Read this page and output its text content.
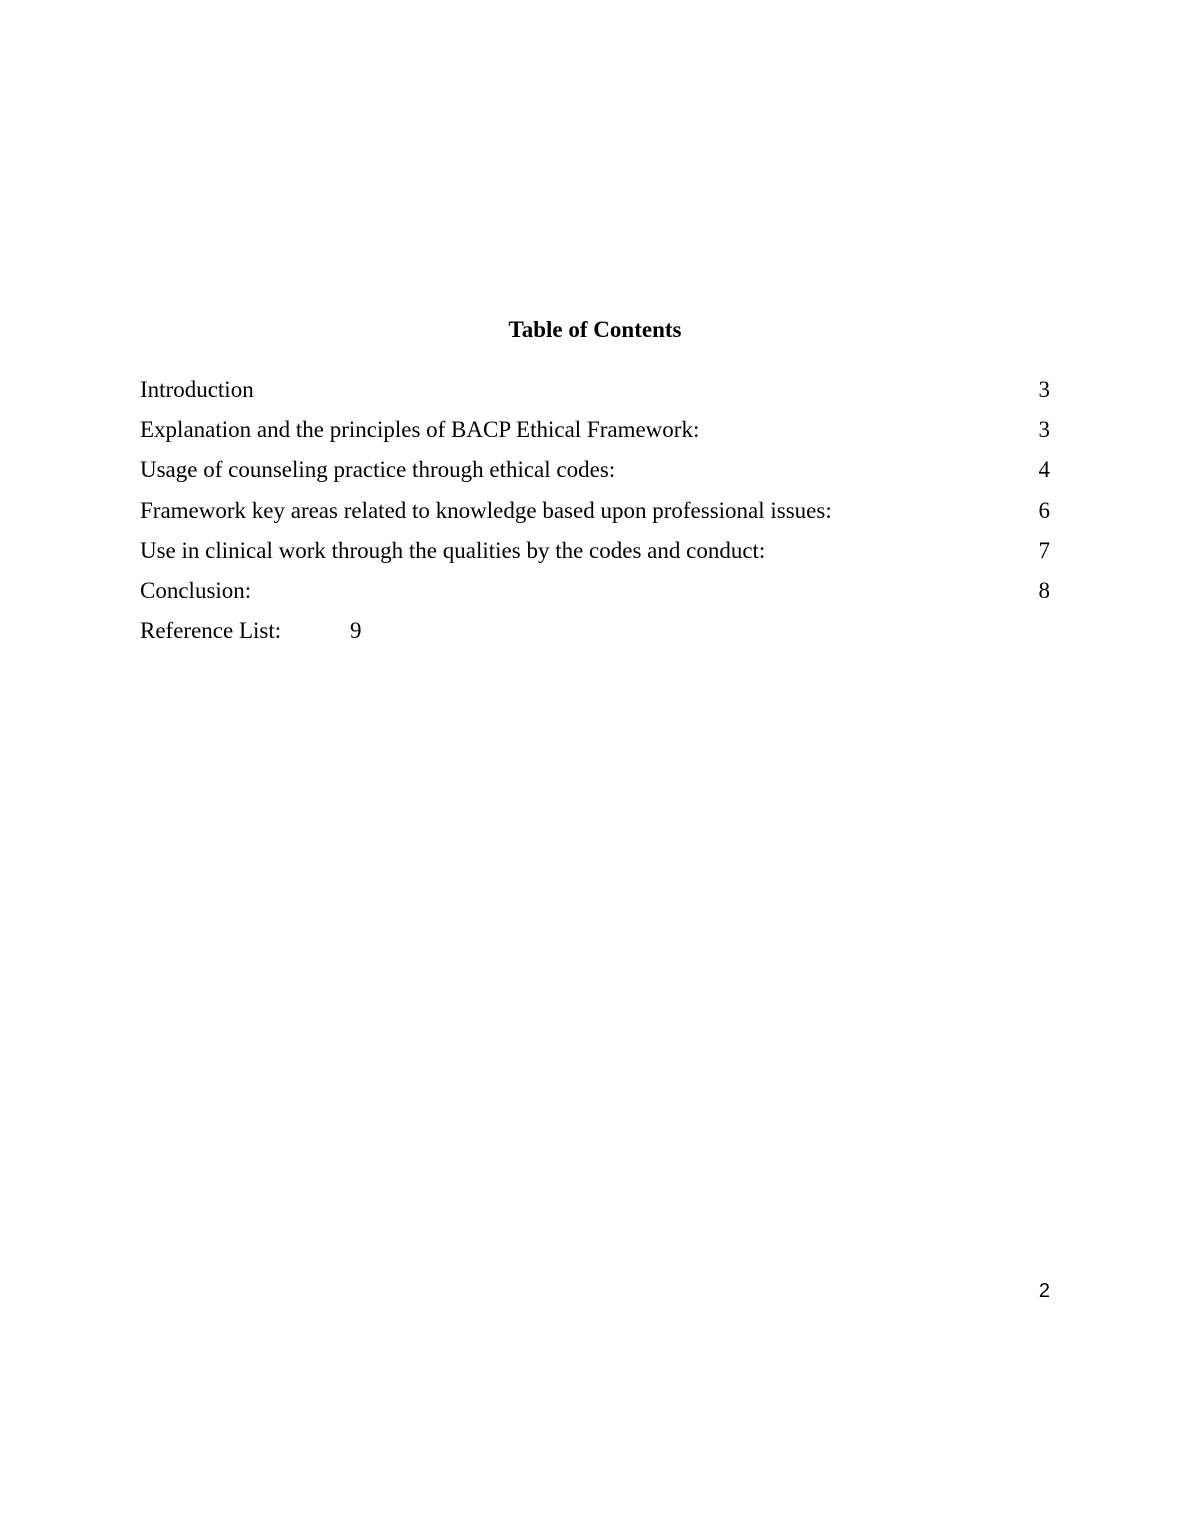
Table of Contents
Introduction	3
Explanation and the principles of BACP Ethical Framework:	3
Usage of counseling practice through ethical codes:	4
Framework key areas related to knowledge based upon professional issues:	6
Use in clinical work through the qualities by the codes and conduct:	7
Conclusion:	8
Reference List:	9
2
